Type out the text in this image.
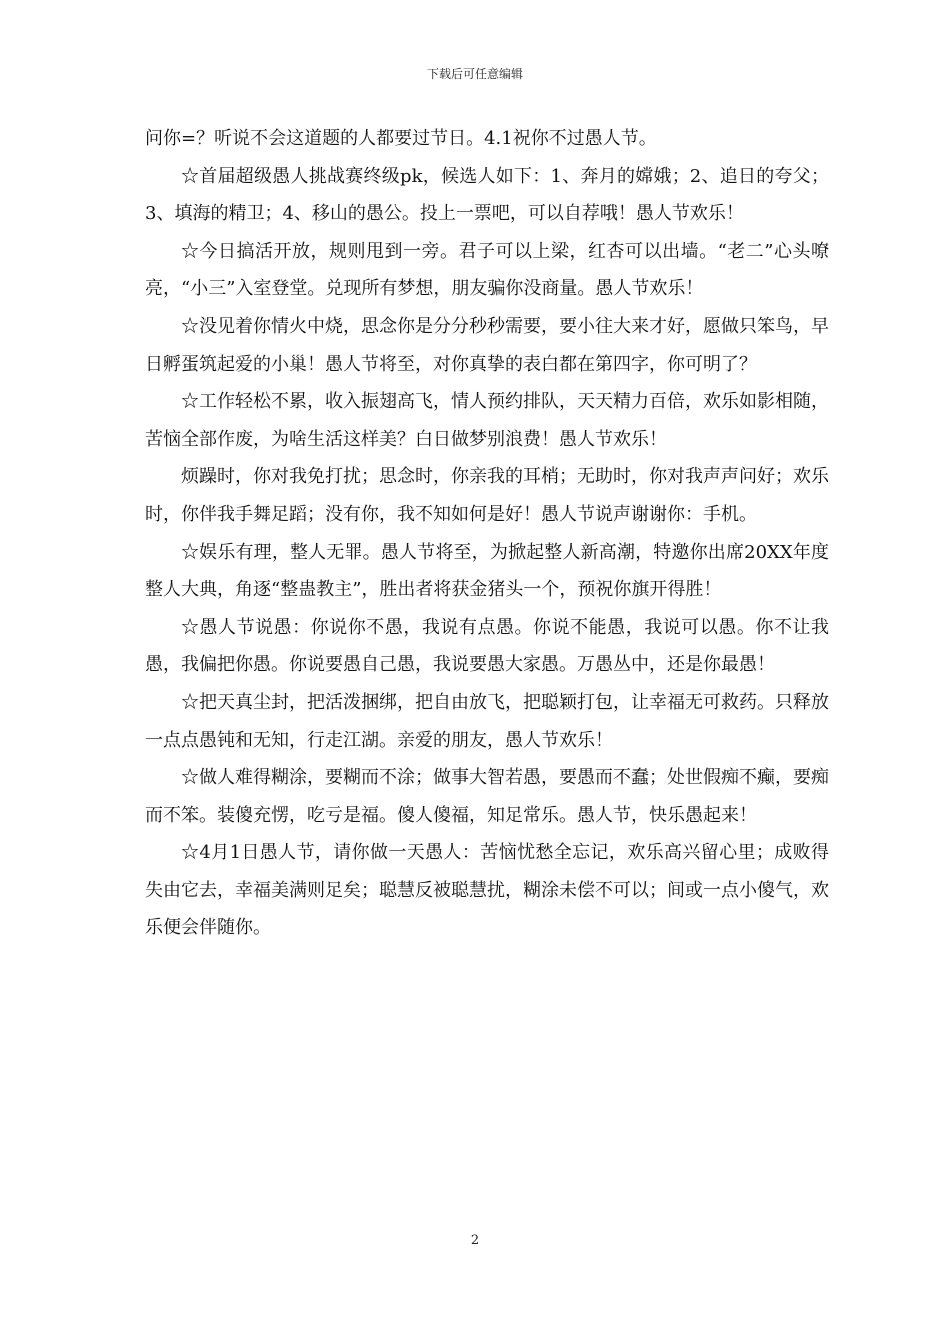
下载后可任意编辑

问你=？听说不会这道题的人都要过节日。4.1祝你不过愚人节。

☆首届超级愚人挑战赛终级pk，候选人如下：1、奔月的嫦娥；2、追日的夸父；3、填海的精卫；4、移山的愚公。投上一票吧，可以自荐哦！愚人节欢乐！

☆今日搞活开放，规则甩到一旁。君子可以上梁，红杏可以出墙。“老二”心头嘹亮，“小三”入室登堂。兑现所有梦想，朋友骗你没商量。愚人节欢乐！

☆没见着你情火中烧，思念你是分分秒秒需要，要小往大来才好，愿做只笨鸟，早日孵蛋筑起爱的小巢！愚人节将至，对你真挚的表白都在第四字，你可明了？

☆工作轻松不累，收入振翅高飞，情人预约排队，天天精力百倍，欢乐如影相随，苦恼全部作废，为啥生活这样美？白日做梦别浪费！愚人节欢乐！

烦躁时，你对我免打扰；思念时，你亲我的耳梢；无助时，你对我声声问好；欢乐时，你伴我手舞足蹈；没有你，我不知如何是好！愚人节说声谢谢你：手机。

☆娱乐有理，整人无罪。愚人节将至，为掀起整人新高潮，特邀你出席20XX年度整人大典，角逐“整蛊教主”，胜出者将获金猪头一个，预祝你旗开得胜！

☆愚人节说愚：你说你不愚，我说有点愚。你说不能愚，我说可以愚。你不让我愚，我偏把你愚。你说要愚自己愚，我说要愚大家愚。万愚丛中，还是你最愚！

☆把天真尘封，把活泼捆绑，把自由放飞，把聪颖打包，让幸福无可救药。只释放一点点愚钝和无知，行走江湖。亲爱的朋友，愚人节欢乐！

☆做人难得糊涂，要糊而不涂；做事大智若愚，要愚而不蠢；处世假痴不癫，要痴而不笨。装傻充愣，吃亏是福。傻人傻福，知足常乐。愚人节，快乐愚起来！

☆4月1日愚人节，请你做一天愚人：苦恼忧愁全忘记，欢乐高兴留心里；成败得失由它去，幸福美满则足矣；聪慧反被聪慧扰，糊涂未偿不可以；间或一点小傻气，欢乐便会伴随你。

2
